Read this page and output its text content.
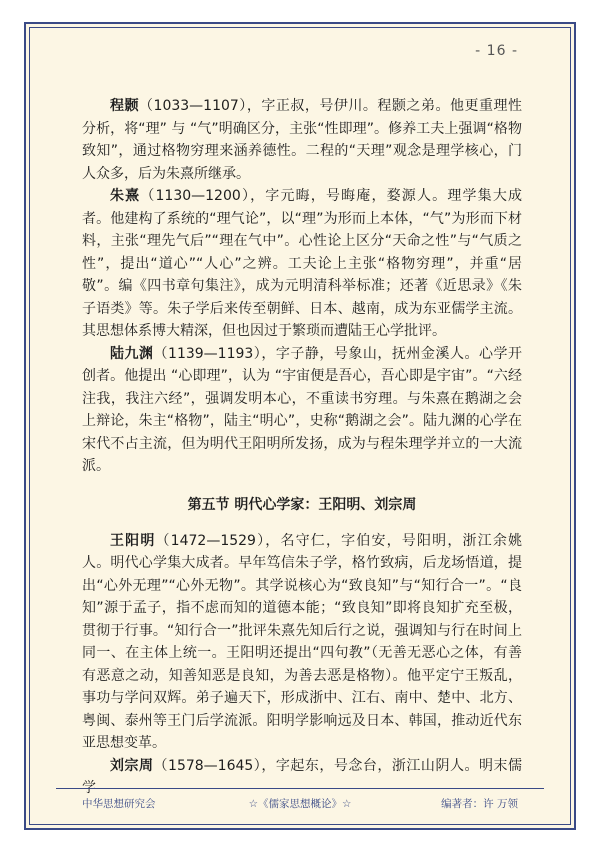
- 16 -

程颢（1033—1107），字正叔，号伊川。程颢之弟。他更重理性分析，将“理” 与 “气”明确区分，主张“性即理”。修养工夫上强调“格物致知”，通过格物穷理来涵养德性。二程的“天理”观念是理学核心，门人众多，后为朱熹所继承。

朱熹（1130—1200），字元晦，号晦庵，婺源人。理学集大成者。他建构了系统的“理气论”，以“理”为形而上本体，“气”为形而下材料，主张“理先气后”“理在气中”。心性论上区分“天命之性”与“气质之性”，提出“道心”“人心”之辨。工夫论上主张“格物穷理”，并重“居敬”。编《四书章句集注》，成为元明清科举标准；还著《近思录》《朱子语类》等。朱子学后来传至朝鲜、日本、越南，成为东亚儒学主流。其思想体系博大精深，但也因过于繁琐而遭陆王心学批评。

陆九渊（1139—1193），字子静，号象山，抚州金溪人。心学开创者。他提出 “心即理”，认为 “宇宙便是吾心，吾心即是宇宙”。“六经注我，我注六经”，强调发明本心，不重读书穷理。与朱熹在鹅湖之会上辩论，朱主“格物”，陆主“明心”，史称“鹅湖之会”。陆九渊的心学在宋代不占主流，但为明代王阳明所发扬，成为与程朱理学并立的一大流派。

第五节 明代心学家：王阳明、刘宗周

王阳明（1472—1529），名守仁，字伯安，号阳明，浙江余姚人。明代心学集大成者。早年笃信朱子学，格竹致病，后龙场悟道，提出“心外无理”“心外无物”。其学说核心为“致良知”与“知行合一”。“良知”源于孟子，指不虑而知的道德本能；“致良知”即将良知扩充至极，贯彻于行事。“知行合一”批评朱熹先知后行之说，强调知与行在时间上同一、在主体上统一。王阳明还提出“四句教”（无善无恶心之体，有善有恶意之动，知善知恶是良知，为善去恶是格物）。他平定宁王叛乱，事功与学问双辉。弟子遍天下，形成浙中、江右、南中、楚中、北方、粤闽、泰州等王门后学流派。阳明学影响远及日本、韩国，推动近代东亚思想变革。

刘宗周（1578—1645），字起东，号念台，浙江山阴人。明末儒学

中华思想研究会	☆《儒家思想概论》☆	编著者：许 万领
